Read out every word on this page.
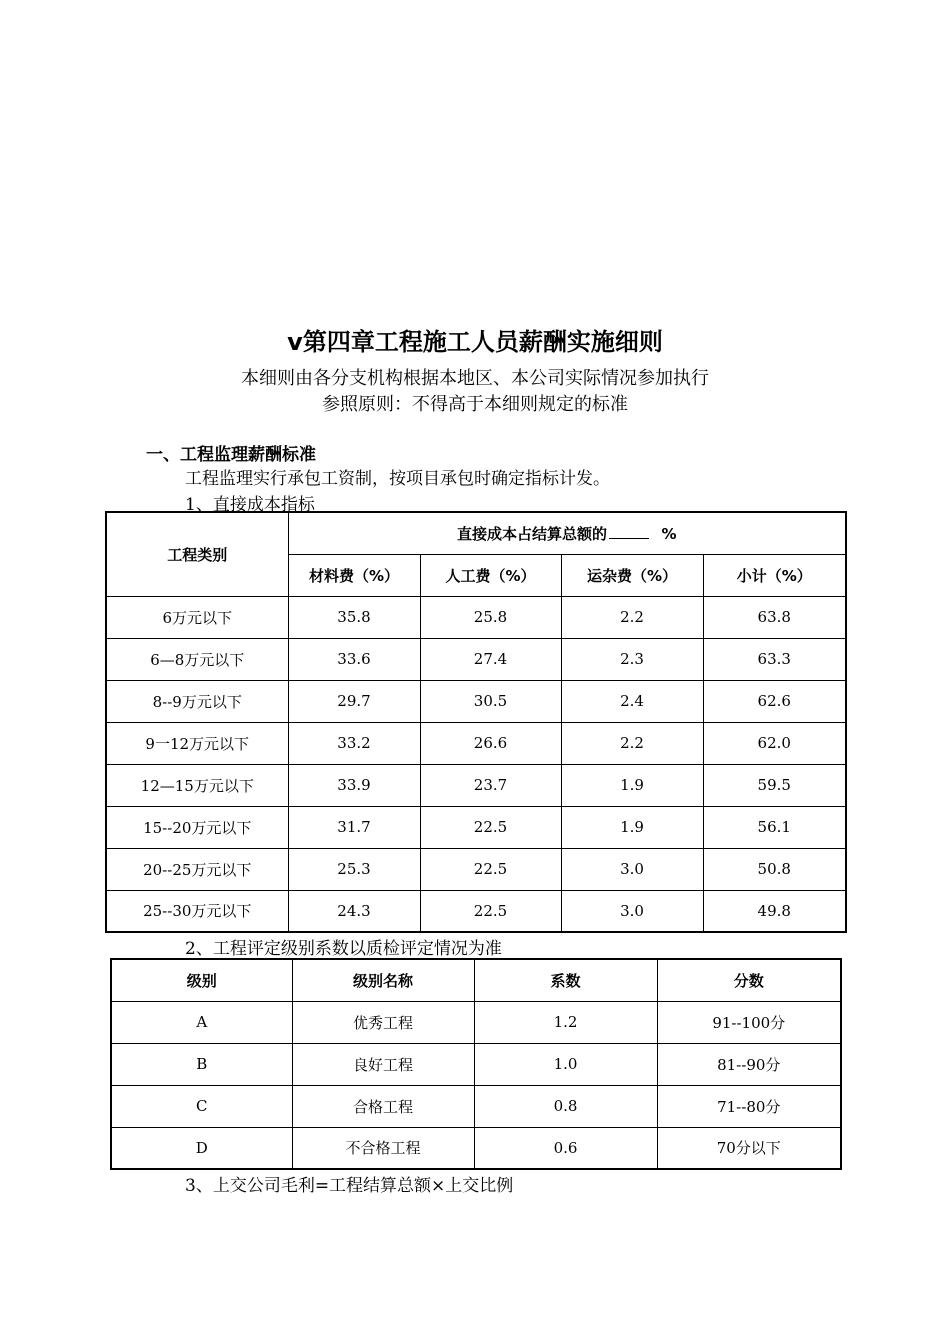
v第四章工程施工人员薪酬实施细则
本细则由各分支机构根据本地区、本公司实际情况参加执行
参照原则：不得高于本细则规定的标准
一、工程监理薪酬标准
工程监理实行承包工资制，按项目承包时确定指标计发。
1、直接成本指标
工程类别	直接成本占结算总额的 %			
	材料费（%）	人工费（%）	运杂费（%）	小计（%）
6万元以下	35.8	25.8	2.2	63.8
6—8万元以下	33.6	27.4	2.3	63.3
8--9万元以下	29.7	30.5	2.4	62.6
9一12万元以下	33.2	26.6	2.2	62.0
12—15万元以下	33.9	23.7	1.9	59.5
15--20万元以下	31.7	22.5	1.9	56.1
20--25万元以下	25.3	22.5	3.0	50.8
25--30万元以下	24.3	22.5	3.0	49.8
2、工程评定级别系数以质检评定情况为准
级别	级别名称	系数	分数
A	优秀工程	1.2	91--100分
B	良好工程	1.0	81--90分
C	合格工程	0.8	71--80分
D	不合格工程	0.6	70分以下
3、上交公司毛利=工程结算总额×上交比例
